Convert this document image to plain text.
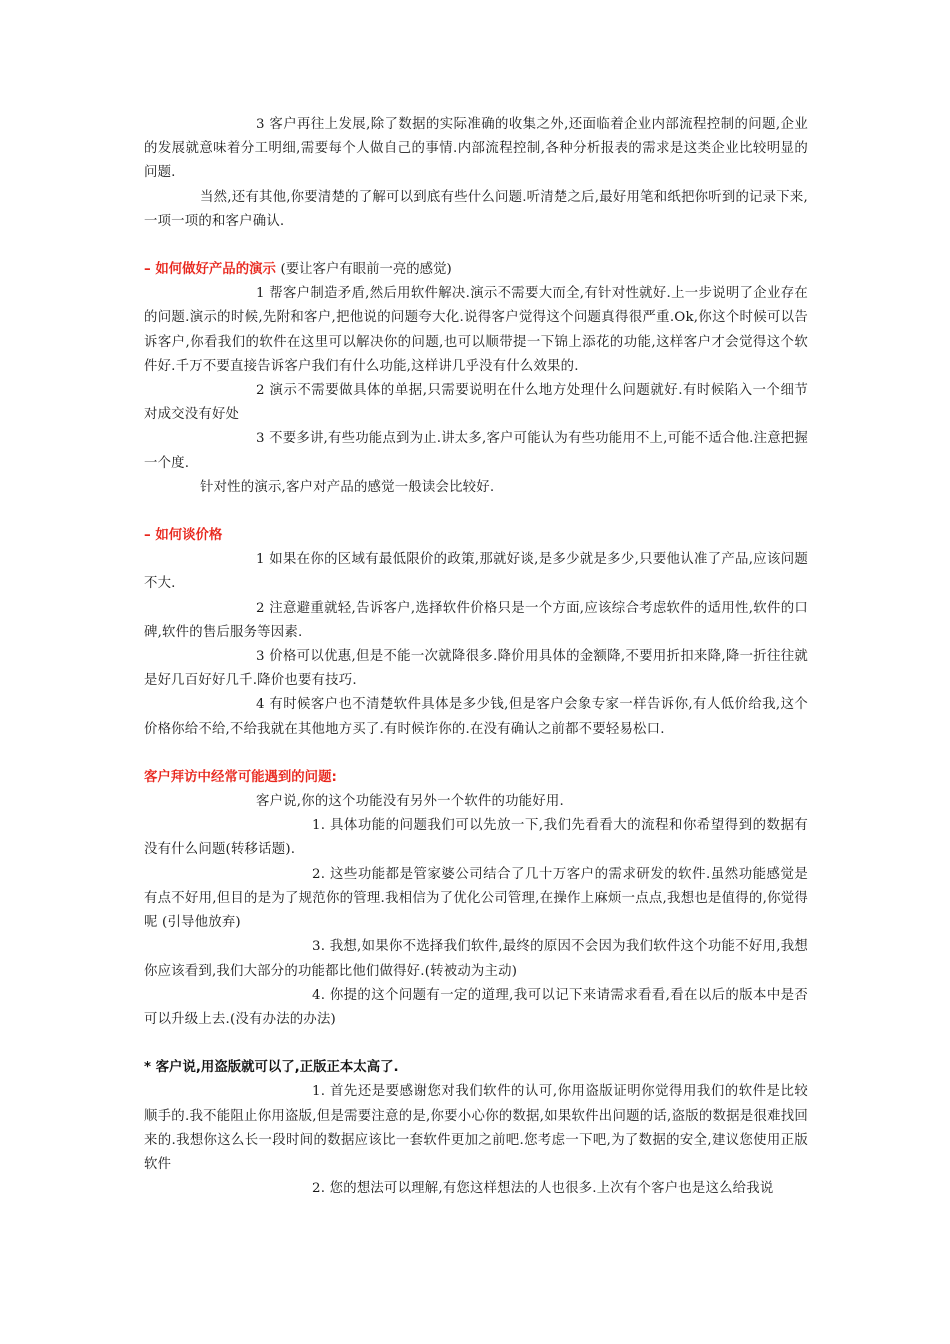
3 客户再往上发展,除了数据的实际准确的收集之外,还面临着企业内部流程控制的问题,企业的发展就意味着分工明细,需要每个人做自己的事情.内部流程控制,各种分析报表的需求是这类企业比较明显的问题.

当然,还有其他,你要清楚的了解可以到底有些什么问题.听清楚之后,最好用笔和纸把你听到的记录下来,一项一项的和客户确认.

– 如何做好产品的演示 (要让客户有眼前一亮的感觉)

1 帮客户制造矛盾,然后用软件解决.演示不需要大而全,有针对性就好.上一步说明了企业存在的问题.演示的时候,先附和客户,把他说的问题夸大化.说得客户觉得这个问题真得很严重.Ok,你这个时候可以告诉客户,你看我们的软件在这里可以解决你的问题,也可以顺带提一下锦上添花的功能,这样客户才会觉得这个软件好.千万不要直接告诉客户我们有什么功能,这样讲几乎没有什么效果的.

2 演示不需要做具体的单据,只需要说明在什么地方处理什么问题就好.有时候陷入一个细节对成交没有好处

3 不要多讲,有些功能点到为止.讲太多,客户可能认为有些功能用不上,可能不适合他.注意把握一个度.

针对性的演示,客户对产品的感觉一般读会比较好.

– 如何谈价格

1 如果在你的区域有最低限价的政策,那就好谈,是多少就是多少,只要他认准了产品,应该问题不大.

2 注意避重就轻,告诉客户,选择软件价格只是一个方面,应该综合考虑软件的适用性,软件的口碑,软件的售后服务等因素.

3 价格可以优惠,但是不能一次就降很多.降价用具体的金额降,不要用折扣来降,降一折往往就是好几百好好几千.降价也要有技巧.

4 有时候客户也不清楚软件具体是多少钱,但是客户会象专家一样告诉你,有人低价给我,这个价格你给不给,不给我就在其他地方买了.有时候诈你的.在没有确认之前都不要轻易松口.

客户拜访中经常可能遇到的问题:

客户说,你的这个功能没有另外一个软件的功能好用.

1. 具体功能的问题我们可以先放一下,我们先看看大的流程和你希望得到的数据有没有什么问题(转移话题).

2. 这些功能都是管家婆公司结合了几十万客户的需求研发的软件.虽然功能感觉是有点不好用,但目的是为了规范你的管理.我相信为了优化公司管理,在操作上麻烦一点点,我想也是值得的,你觉得呢 (引导他放弃)

3. 我想,如果你不选择我们软件,最终的原因不会因为我们软件这个功能不好用,我想你应该看到,我们大部分的功能都比他们做得好.(转被动为主动)

4. 你提的这个问题有一定的道理,我可以记下来请需求看看,看在以后的版本中是否可以升级上去.(没有办法的办法)

* 客户说,用盗版就可以了,正版正本太高了.

1. 首先还是要感谢您对我们软件的认可,你用盗版证明你觉得用我们的软件是比较顺手的.我不能阻止你用盗版,但是需要注意的是,你要小心你的数据,如果软件出问题的话,盗版的数据是很难找回来的.我想你这么长一段时间的数据应该比一套软件更加之前吧.您考虑一下吧,为了数据的安全,建议您使用正版软件

2. 您的想法可以理解,有您这样想法的人也很多.上次有个客户也是这么给我说
